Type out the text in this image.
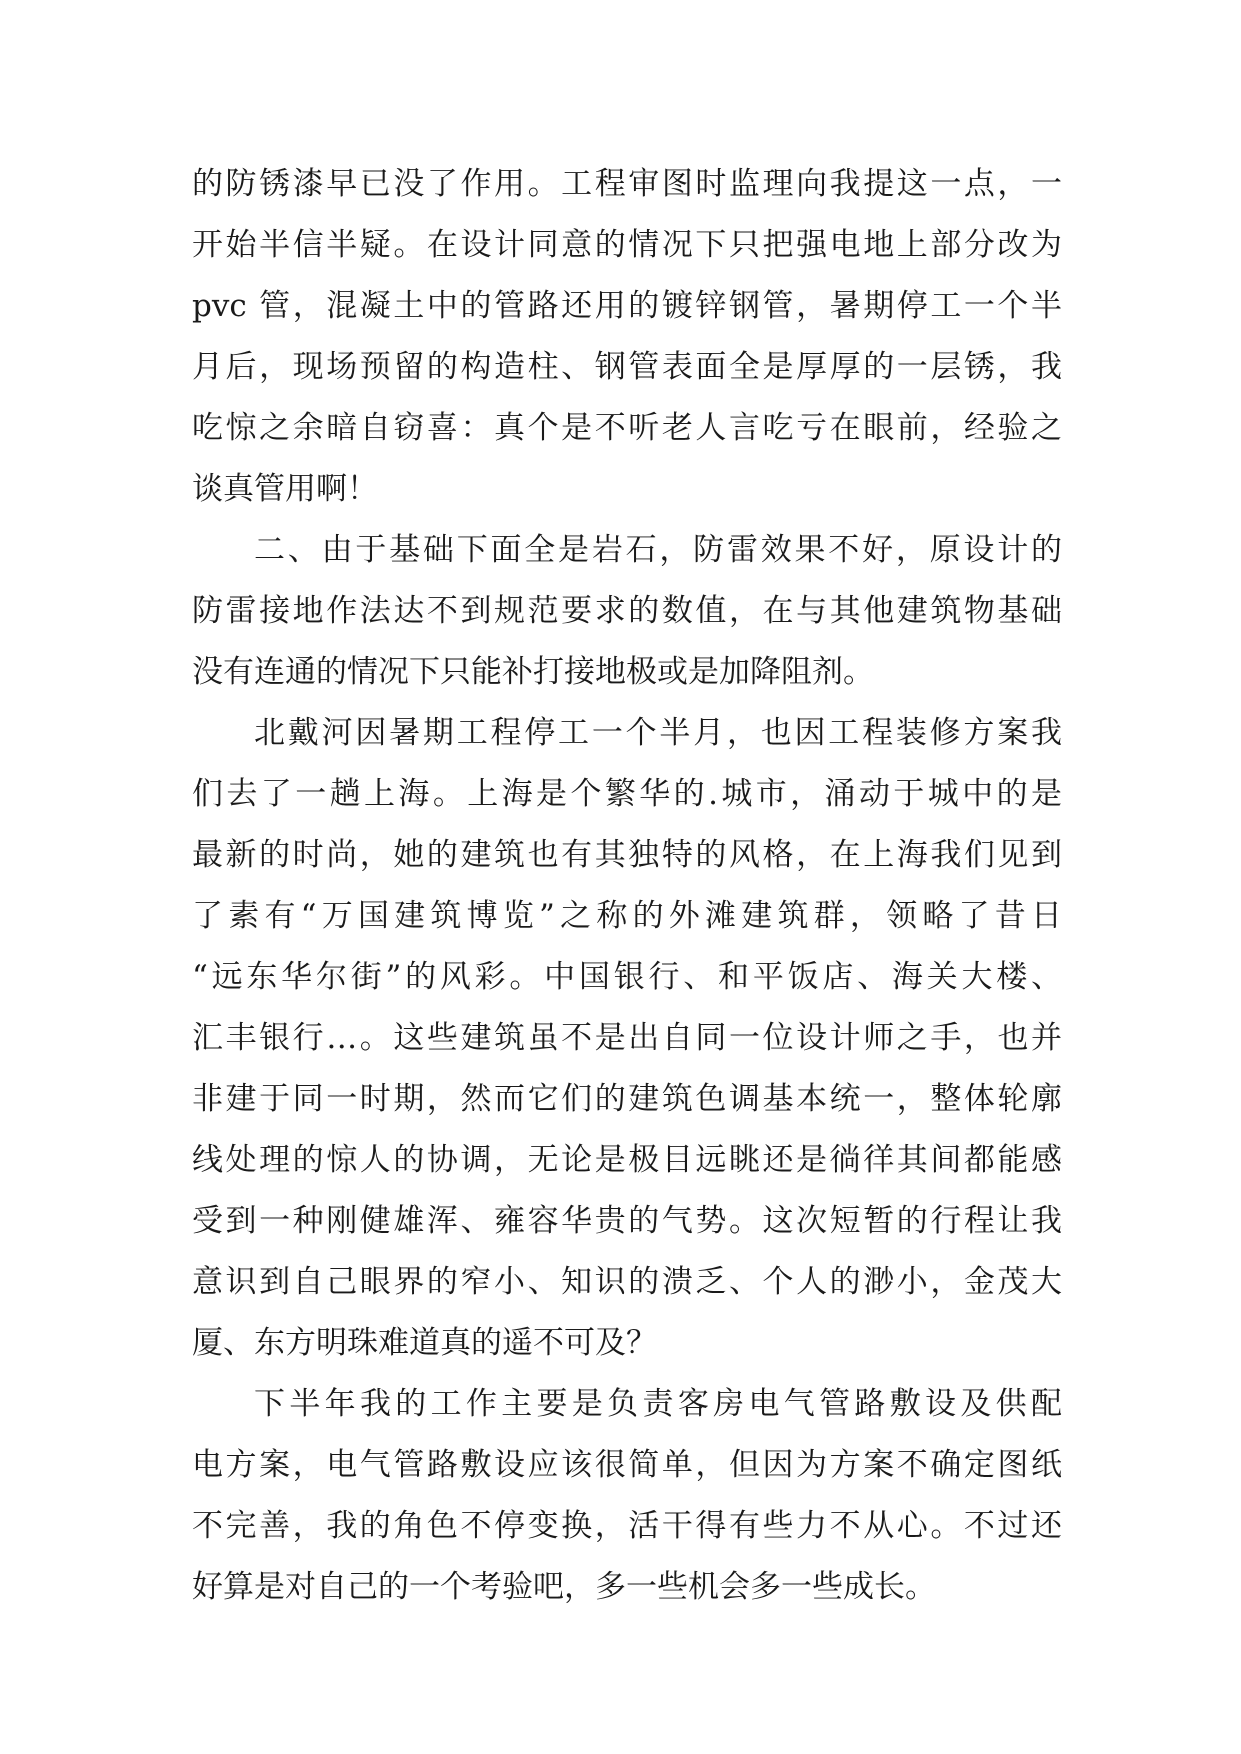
的防锈漆早已没了作用。工程审图时监理向我提这一点，一
开始半信半疑。在设计同意的情况下只把强电地上部分改为
pvc 管，混凝土中的管路还用的镀锌钢管，暑期停工一个半
月后，现场预留的构造柱、钢管表面全是厚厚的一层锈，我
吃惊之余暗自窃喜：真个是不听老人言吃亏在眼前，经验之
谈真管用啊！
二、由于基础下面全是岩石，防雷效果不好，原设计的
防雷接地作法达不到规范要求的数值，在与其他建筑物基础
没有连通的情况下只能补打接地极或是加降阻剂。
北戴河因暑期工程停工一个半月，也因工程装修方案我
们去了一趟上海。上海是个繁华的.城市，涌动于城中的是
最新的时尚，她的建筑也有其独特的风格，在上海我们见到
了素有“万国建筑博览”之称的外滩建筑群，领略了昔日
“远东华尔街”的风彩。中国银行、和平饭店、海关大楼、
汇丰银行…。这些建筑虽不是出自同一位设计师之手，也并
非建于同一时期，然而它们的建筑色调基本统一，整体轮廓
线处理的惊人的协调，无论是极目远眺还是徜徉其间都能感
受到一种刚健雄浑、雍容华贵的气势。这次短暂的行程让我
意识到自己眼界的窄小、知识的溃乏、个人的渺小，金茂大
厦、东方明珠难道真的遥不可及？
下半年我的工作主要是负责客房电气管路敷设及供配
电方案，电气管路敷设应该很简单，但因为方案不确定图纸
不完善，我的角色不停变换，活干得有些力不从心。不过还
好算是对自己的一个考验吧，多一些机会多一些成长。
